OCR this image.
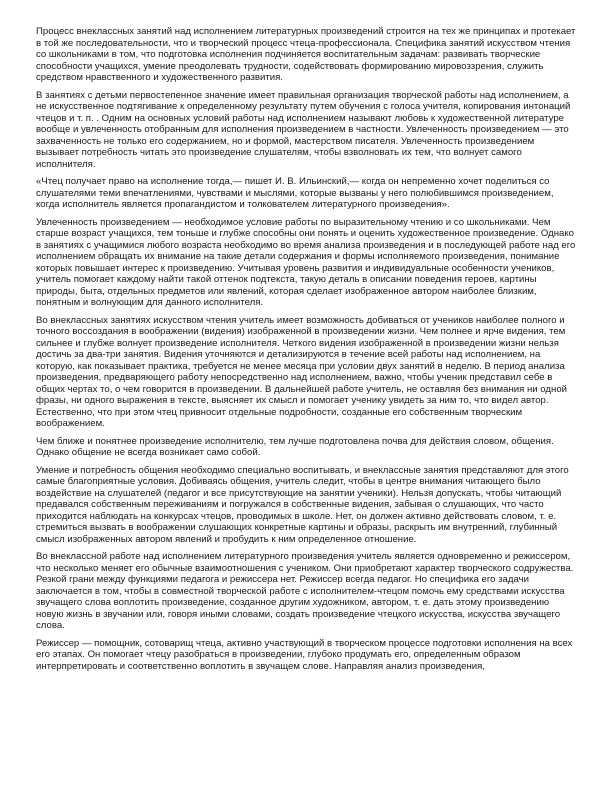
Процесс внеклассных занятий над исполнением литературных произведений строится на тех же принципах и протекает в той же последовательности, что и творческий процесс чтеца-профессионала. Специфика занятий искусством чтения со школьниками в том, что подготовка исполнения подчиняется воспитательным задачам: развивать творческие способности учащихся, умение преодолевать трудности, содействовать формированию мировоззрения, служить средством нравственного и художественного развития.

В занятиях с детьми первостепенное значение имеет правильная организация творческой работы над исполнением, а не искусственное подтягивание к определенному результату путем обучения с голоса учителя, копирования интонаций чтецов и т. п. . Одним на основных условий работы над исполнением называют любовь к художественной литературе вообще и увлеченность отобранным для исполнения произведением в частности. Увлеченность произведением — это захваченность не только его содержанием, но и формой, мастерством писателя. Увлеченность произведением вызывает потребность читать это произведение слушателям, чтобы взволновать их тем, что волнует самого исполнителя.

«Чтец получает право на исполнение тогда,— пишет И. В. Ильинский,— когда он непременно хочет поделиться со слушателями теми впечатлениями, чувствами и мыслями, которые вызваны у него полюбившимся произведением, когда исполнитель является пропагандистом и толкователем литературного произведения».

Увлеченность произведением — необходимое условие работы по выразительному чтению и со школьниками. Чем старше возраст учащихся, тем тоньше и глубже способны они понять и оценить художественное произведение. Однако в занятиях с учащимися любого возраста необходимо во время анализа произведения и в последующей работе над его исполнением обращать их внимание на такие детали содержания и формы исполняемого произведения, понимание которых повышает интерес к произведению. Учитывая уровень развития и индивидуальные особенности учеников, учитель помогает каждому найти такой оттенок подтекста, такую деталь в описании поведения героев, картины природы, быта, отдельных предметов или явлений, которая сделает изображенное автором наиболее близким, понятным и волнующим для данного исполнителя.

Во внеклассных занятиях искусством чтения учитель имеет возможность добиваться от учеников наиболее полного и точного воссоздания в воображении (видения) изображенной в произведении жизни. Чем полнее и ярче видения, тем сильнее и глубже волнует произведение исполнителя. Четкого видения изображенной в произведении жизни нельзя достичь за два-три занятия. Видения уточняются и детализируются в течение всей работы над исполнением, на которую, как показывает практика, требуется не менее месяца при условии двух занятий в неделю. В период анализа произведения, предваряющего работу непосредственно над исполнением, важно, чтобы ученик представил себе в общих чертах то, о чем говорится в произведении. В дальнейшей работе учитель, не оставляя без внимания ни одной фразы, ни одного выражения в тексте, выясняет их смысл и помогает ученику увидеть за ним то, что видел автор. Естественно, что при этом чтец привносит отдельные подробности, созданные его собственным творческим воображением.

Чем ближе и понятнее произведение исполнителю, тем лучше подготовлена почва для действия словом, общения. Однако общение не всегда возникает само собой.

Умение и потребность общения необходимо специально воспитывать, и внеклассные занятия представляют для этого самые благоприятные условия. Добиваясь общения, учитель следит, чтобы в центре внимания читающего было воздействие на слушателей (педагог и все присутствующие на занятии ученики). Нельзя допускать, чтобы читающий предавался собственным переживаниям и погружался в собственные видения, забывая о слушающих, что часто приходится наблюдать на конкурсах чтецов, проводимых в школе. Нет, он должен активно действовать словом, т. е. стремиться вызвать в воображении слушающих конкретные картины и образы, раскрыть им внутренний, глубинный смысл изображенных автором явлений и пробудить к ним определенное отношение.

Во внеклассной работе над исполнением литературного произведения учитель является одновременно и режиссером, что несколько меняет его обычные взаимоотношения с учеником. Они приобретают характер творческого содружества. Резкой грани между функциями педагога и режиссера нет. Режиссер всегда педагог. Но специфика его задачи заключается в том, чтобы в совместной творческой работе с исполнителем-чтецом помочь ему средствами искусства звучащего слова воплотить произведение, созданное другим художником, автором, т. е. дать этому произведению новую жизнь в звучании или, говоря иными словами, создать произведение чтецкого искусства, искусства звучащего слова.

Режиссер — помощник, сотоварищ чтеца, активно участвующий в творческом процессе подготовки исполнения на всех его этапах. Он помогает чтецу разобраться в произведении, глубоко продумать его, определенным образом интерпретировать и соответственно воплотить в звучащем слове. Направляя анализ произведения,
